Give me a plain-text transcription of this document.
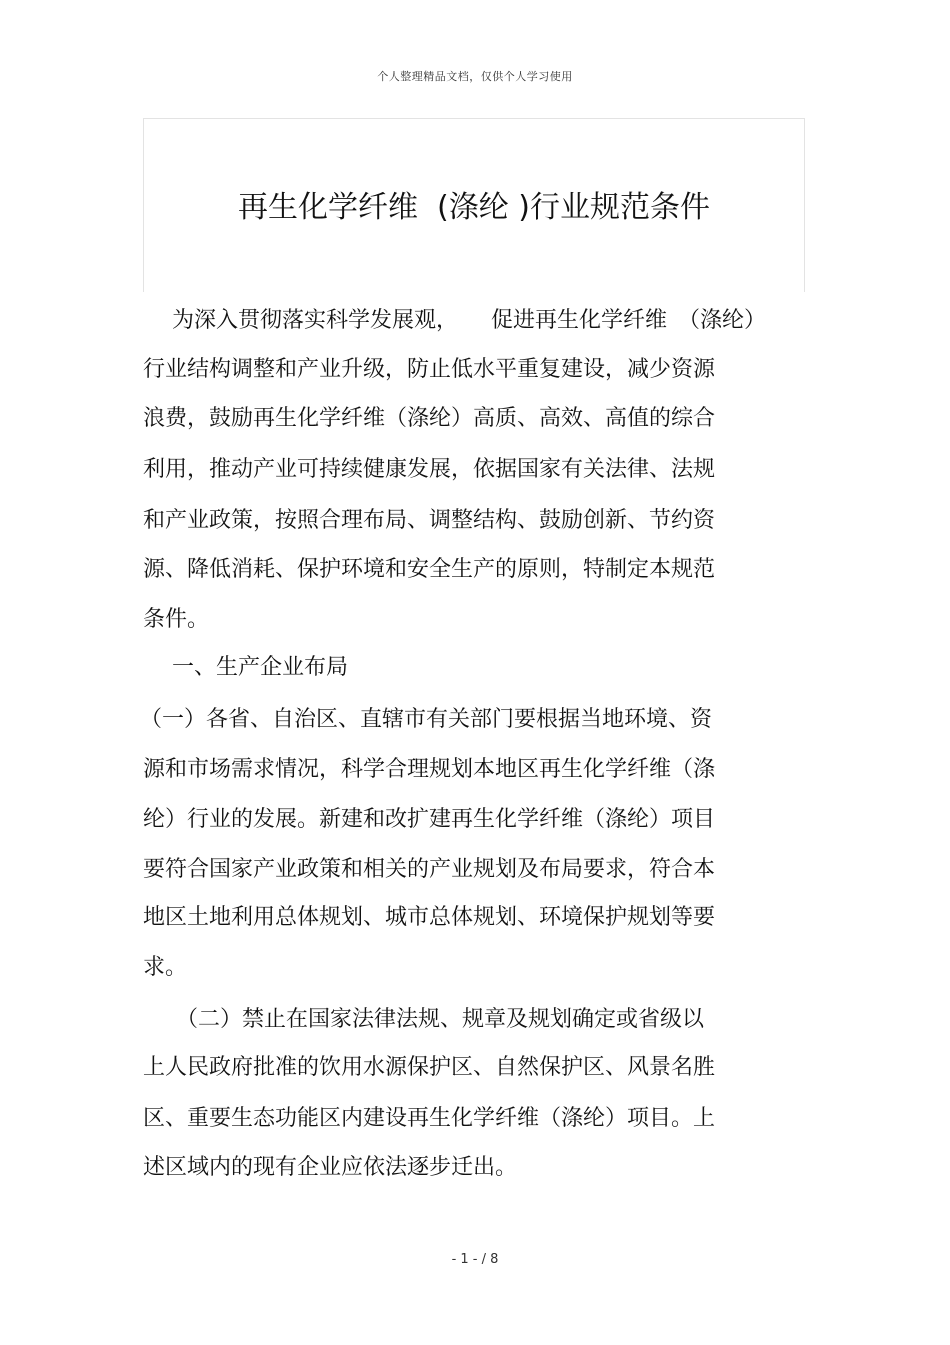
个人整理精品文档，仅供个人学习使用
再生化学纤维  (涤纶 )行业规范条件
　 为深入贯彻落实科学发展观，　　促进再生化学纤维　（涤纶）
行业结构调整和产业升级，防止低水平重复建设，减少资源
浪费，鼓励再生化学纤维（涤纶）高质、高效、高值的综合
利用，推动产业可持续健康发展，依据国家有关法律、法规
和产业政策，按照合理布局、调整结构、鼓励创新、节约资
源、降低消耗、保护环境和安全生产的原则，特制定本规范
条件。
　 一、生产企业布局
（一）各省、自治区、直辖市有关部门要根据当地环境、资
源和市场需求情况，科学合理规划本地区再生化学纤维（涤
纶）行业的发展。新建和改扩建再生化学纤维（涤纶）项目
要符合国家产业政策和相关的产业规划及布局要求，符合本
地区土地利用总体规划、城市总体规划、环境保护规划等要
求。
　　（二）禁止在国家法律法规、规章及规划确定或省级以
上人民政府批准的饮用水源保护区、自然保护区、风景名胜
区、重要生态功能区内建设再生化学纤维（涤纶）项目。上
述区域内的现有企业应依法逐步迁出。
- 1 - / 8
